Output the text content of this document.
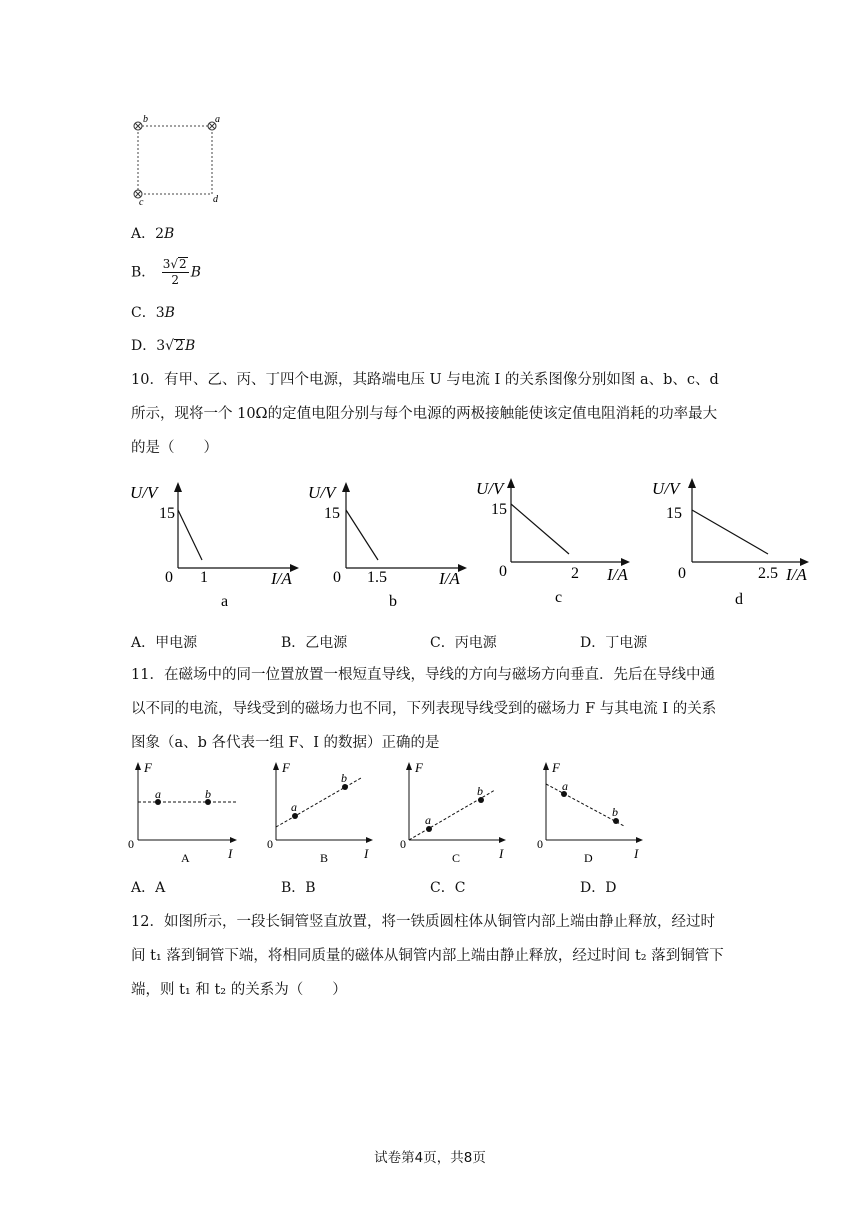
b	a
c	d
A．2B
B． $\frac{3√2}{2}$ B
C．3B
D．3√2B
10．有甲、乙、丙、丁四个电源，其路端电压 U 与电流 I 的关系图像分别如图 a、b、c、d
所示，现将一个 10Ω的定值电阻分别与每个电源的两极接触能使该定值电阻消耗的功率最大
的是（　　）
U/V
15
0 1	I/A
a
U/V
15
0 1.5	I/A
b
U/V
15
0	2 I/A
c
U/V
15
0	2.5 I/A
d
A．甲电源	B．乙电源	C．丙电源	D．丁电源
11．在磁场中的同一位置放置一根短直导线，导线的方向与磁场方向垂直．先后在导线中通
以不同的电流，导线受到的磁场力也不同，下列表现导线受到的磁场力 F 与其电流 I 的关系
图象（a、b 各代表一组 F、I 的数据）正确的是
a	b
F
0
I
A
a
b
F
0
I
B
a
b
F
0
I
C
a
b
F
0
I
D
A．A	B．B	C．C	D．D
12．如图所示，一段长铜管竖直放置，将一铁质圆柱体从铜管内部上端由静止释放，经过时
间 t₁ 落到铜管下端，将相同质量的磁体从铜管内部上端由静止释放，经过时间 t₂ 落到铜管下
端，则 t₁ 和 t₂ 的关系为（　　）
试卷第4页，共8页
